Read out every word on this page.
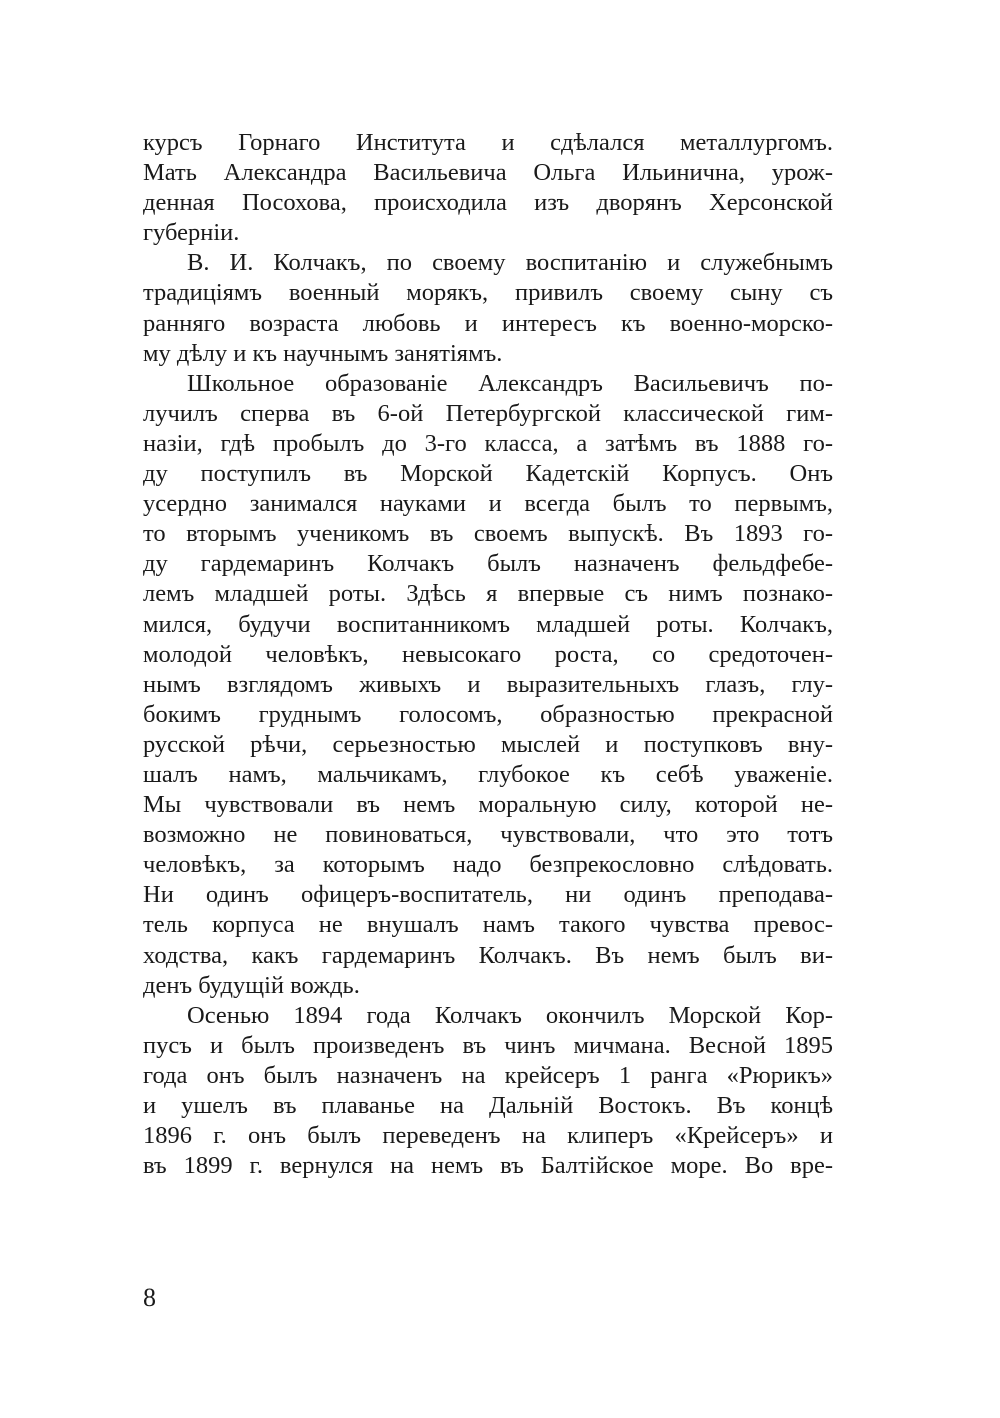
курсъ Горнаго Института и сдѣлался металлургомъ.
Мать Александра Васильевича Ольга Ильинична, урож-
денная Посохова, происходила изъ дворянъ Херсонской
губерніи.
В. И. Колчакъ, по своему воспитанію и служебнымъ
традиціямъ военный морякъ, привилъ своему сыну съ
ранняго возраста любовь и интересъ къ военно-морско-
му дѣлу и къ научнымъ занятіямъ.
Школьное образованіе Александръ Васильевичъ по-
лучилъ сперва въ 6-ой Петербургской классической гим-
назіи, гдѣ пробылъ до 3-го класса, а затѣмъ въ 1888 го-
ду поступилъ въ Морской Кадетскій Корпусъ. Онъ
усердно занимался науками и всегда былъ то первымъ,
то вторымъ ученикомъ въ своемъ выпускѣ. Въ 1893 го-
ду гардемаринъ Колчакъ былъ назначенъ фельдфебе-
лемъ младшей роты. Здѣсь я впервые съ нимъ познако-
мился, будучи воспитанникомъ младшей роты. Колчакъ,
молодой человѣкъ, невысокаго роста, со средоточен-
нымъ взглядомъ живыхъ и выразительныхъ глазъ, глу-
бокимъ груднымъ голосомъ, образностью прекрасной
русской рѣчи, серьезностью мыслей и поступковъ вну-
шалъ намъ, мальчикамъ, глубокое къ себѣ уваженіе.
Мы чувствовали въ немъ моральную силу, которой не-
возможно не повиноваться, чувствовали, что это тотъ
человѣкъ, за которымъ надо безпрекословно слѣдовать.
Ни одинъ офицеръ-воспитатель, ни одинъ преподава-
тель корпуса не внушалъ намъ такого чувства превос-
ходства, какъ гардемаринъ Колчакъ. Въ немъ былъ ви-
денъ будущій вождь.
Осенью 1894 года Колчакъ окончилъ Морской Кор-
пусъ и былъ произведенъ въ чинъ мичмана. Весной 1895
года онъ былъ назначенъ на крейсеръ 1 ранга «Рюрикъ»
и ушелъ въ плаванье на Дальній Востокъ. Въ концѣ
1896 г. онъ былъ переведенъ на клиперъ «Крейсеръ» и
въ 1899 г. вернулся на немъ въ Балтійское море. Во вре-
8
